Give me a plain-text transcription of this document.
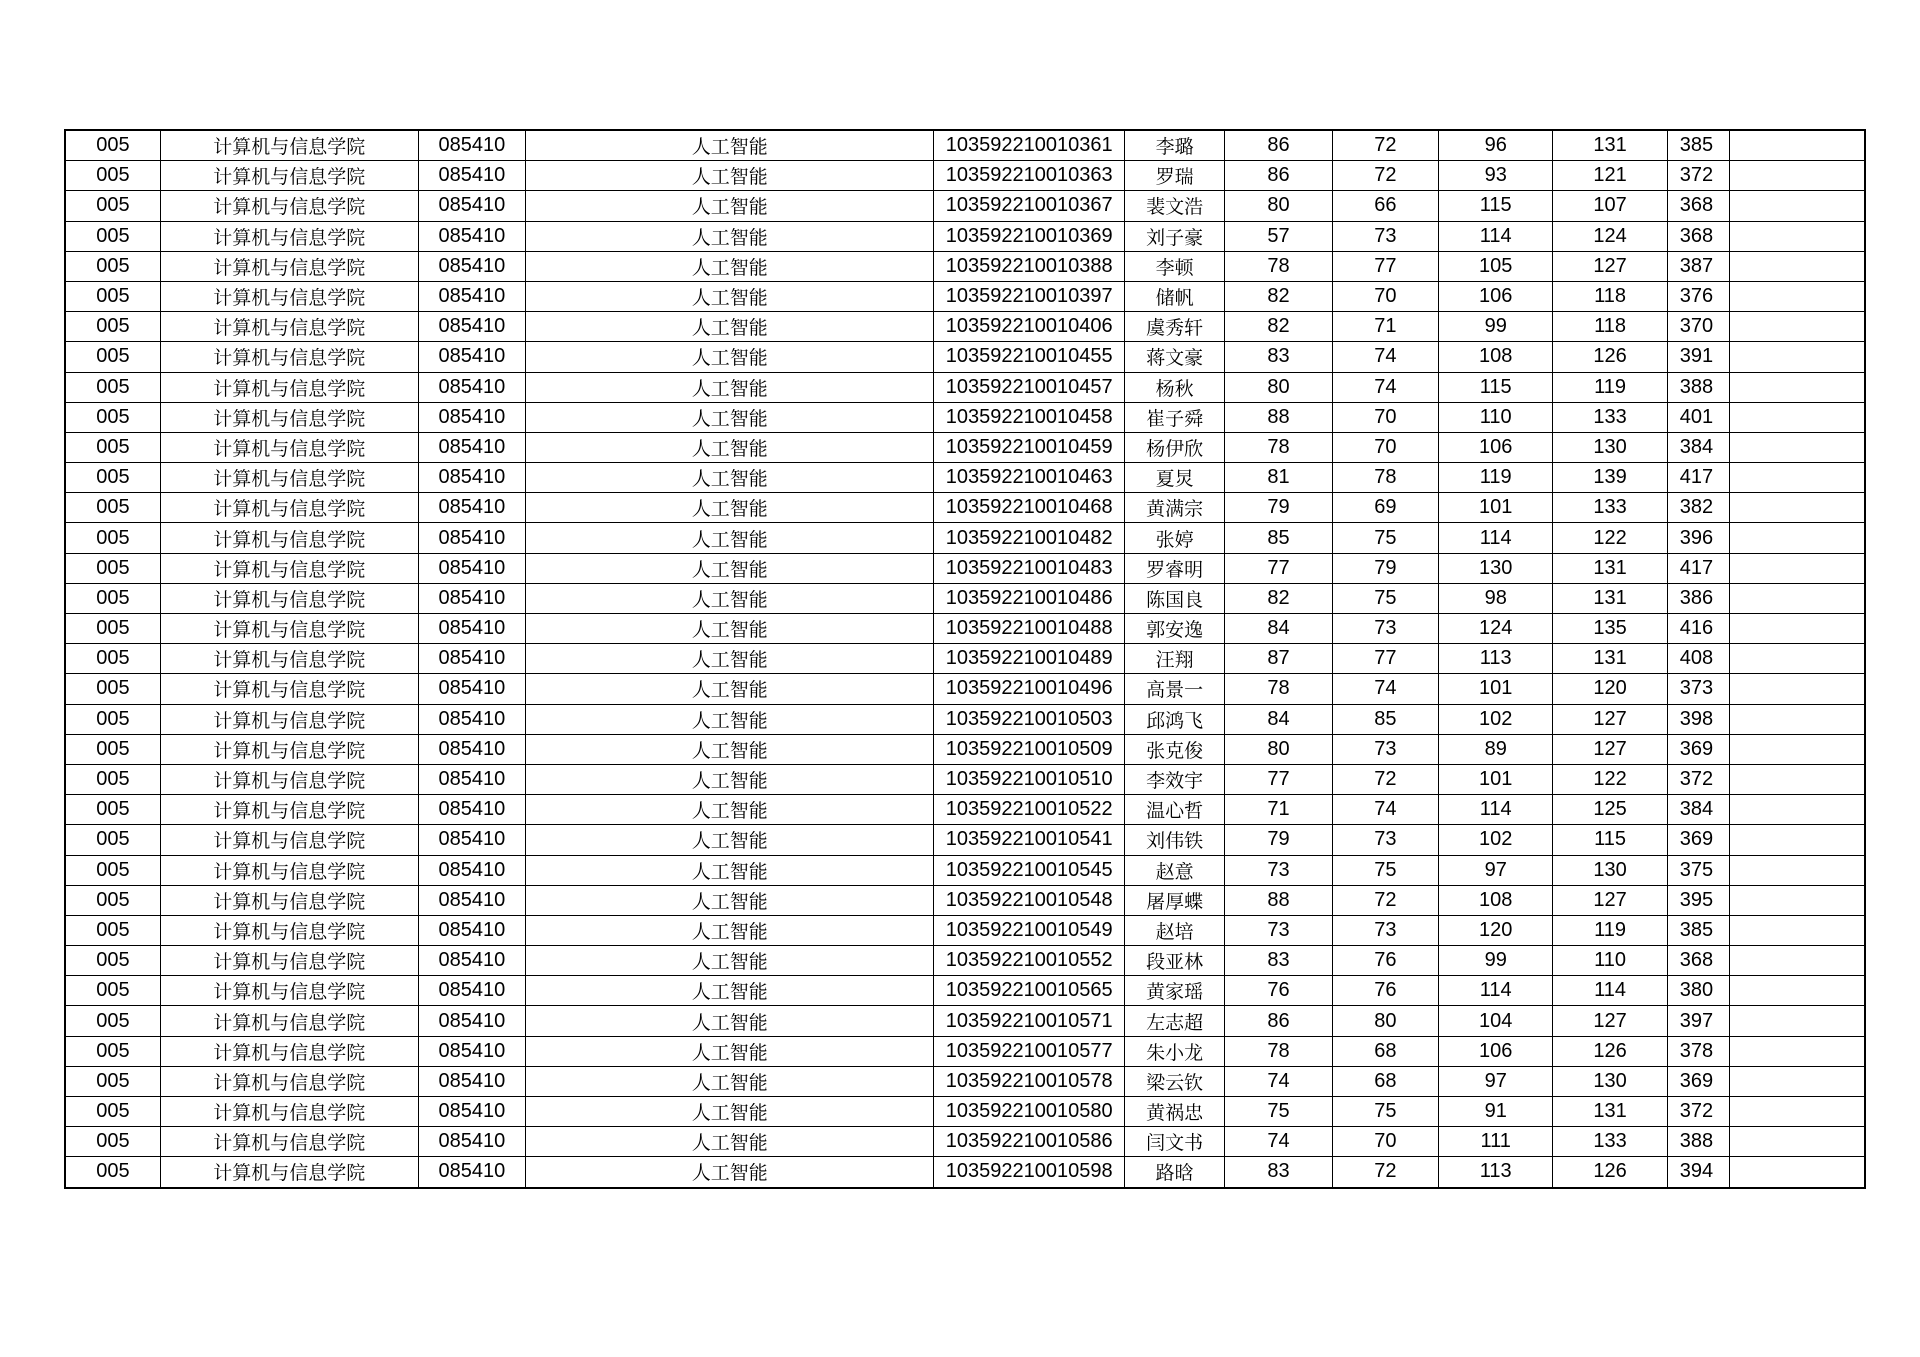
005	计算机与信息学院	085410	人工智能	103592210010361	李璐	86	72	96	131	385	
005	计算机与信息学院	085410	人工智能	103592210010363	罗瑞	86	72	93	121	372	
005	计算机与信息学院	085410	人工智能	103592210010367	裴文浩	80	66	115	107	368	
005	计算机与信息学院	085410	人工智能	103592210010369	刘子豪	57	73	114	124	368	
005	计算机与信息学院	085410	人工智能	103592210010388	李顿	78	77	105	127	387	
005	计算机与信息学院	085410	人工智能	103592210010397	储帆	82	70	106	118	376	
005	计算机与信息学院	085410	人工智能	103592210010406	虞秀轩	82	71	99	118	370	
005	计算机与信息学院	085410	人工智能	103592210010455	蒋文豪	83	74	108	126	391	
005	计算机与信息学院	085410	人工智能	103592210010457	杨秋	80	74	115	119	388	
005	计算机与信息学院	085410	人工智能	103592210010458	崔子舜	88	70	110	133	401	
005	计算机与信息学院	085410	人工智能	103592210010459	杨伊欣	78	70	106	130	384	
005	计算机与信息学院	085410	人工智能	103592210010463	夏炅	81	78	119	139	417	
005	计算机与信息学院	085410	人工智能	103592210010468	黄满宗	79	69	101	133	382	
005	计算机与信息学院	085410	人工智能	103592210010482	张婷	85	75	114	122	396	
005	计算机与信息学院	085410	人工智能	103592210010483	罗睿明	77	79	130	131	417	
005	计算机与信息学院	085410	人工智能	103592210010486	陈国良	82	75	98	131	386	
005	计算机与信息学院	085410	人工智能	103592210010488	郭安逸	84	73	124	135	416	
005	计算机与信息学院	085410	人工智能	103592210010489	汪翔	87	77	113	131	408	
005	计算机与信息学院	085410	人工智能	103592210010496	高景一	78	74	101	120	373	
005	计算机与信息学院	085410	人工智能	103592210010503	邱鸿飞	84	85	102	127	398	
005	计算机与信息学院	085410	人工智能	103592210010509	张克俊	80	73	89	127	369	
005	计算机与信息学院	085410	人工智能	103592210010510	李效宇	77	72	101	122	372	
005	计算机与信息学院	085410	人工智能	103592210010522	温心哲	71	74	114	125	384	
005	计算机与信息学院	085410	人工智能	103592210010541	刘伟铁	79	73	102	115	369	
005	计算机与信息学院	085410	人工智能	103592210010545	赵意	73	75	97	130	375	
005	计算机与信息学院	085410	人工智能	103592210010548	屠厚蝶	88	72	108	127	395	
005	计算机与信息学院	085410	人工智能	103592210010549	赵培	73	73	120	119	385	
005	计算机与信息学院	085410	人工智能	103592210010552	段亚林	83	76	99	110	368	
005	计算机与信息学院	085410	人工智能	103592210010565	黄家瑶	76	76	114	114	380	
005	计算机与信息学院	085410	人工智能	103592210010571	左志超	86	80	104	127	397	
005	计算机与信息学院	085410	人工智能	103592210010577	朱小龙	78	68	106	126	378	
005	计算机与信息学院	085410	人工智能	103592210010578	梁云钦	74	68	97	130	369	
005	计算机与信息学院	085410	人工智能	103592210010580	黄祸忠	75	75	91	131	372	
005	计算机与信息学院	085410	人工智能	103592210010586	闫文书	74	70	111	133	388	
005	计算机与信息学院	085410	人工智能	103592210010598	路晗	83	72	113	126	394	
